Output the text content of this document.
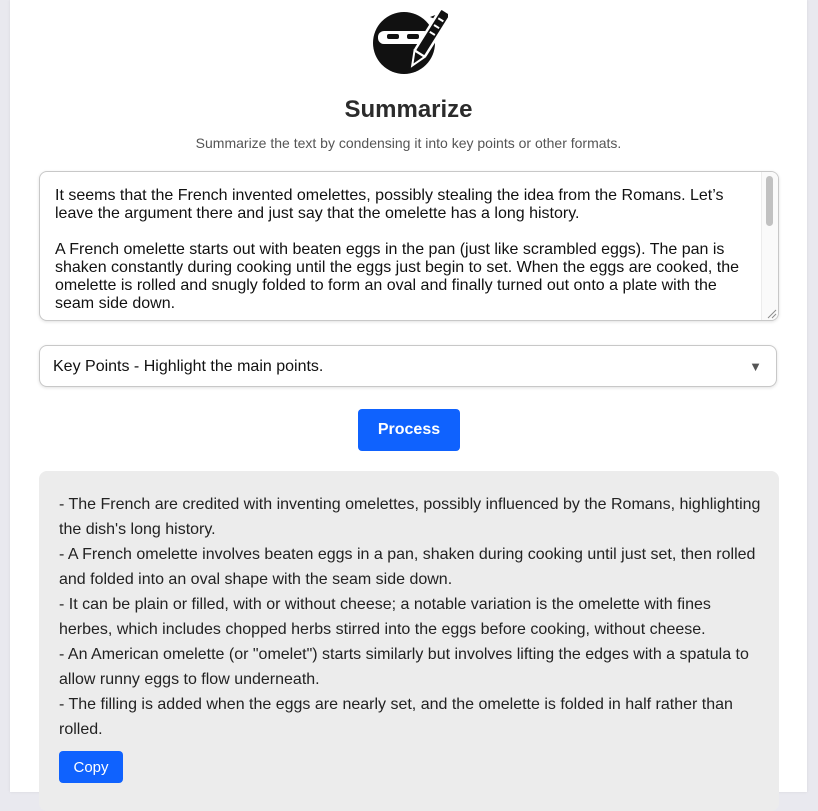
Summarize

Summarize the text by condensing it into key points or other formats.

It seems that the French invented omelettes, possibly stealing the idea from the Romans. Let’s leave the argument there and just say that the omelette has a long history.

A French omelette starts out with beaten eggs in the pan (just like scrambled eggs). The pan is shaken constantly during cooking until the eggs just begin to set. When the eggs are cooked, the omelette is rolled and snugly folded to form an oval and finally turned out onto a plate with the seam side down.
Key Points - Highlight the main points.	▼
Process
- The French are credited with inventing omelettes, possibly influenced by the Romans, highlighting the dish's long history.
- A French omelette involves beaten eggs in a pan, shaken during cooking until just set, then rolled and folded into an oval shape with the seam side down.
- It can be plain or filled, with or without cheese; a notable variation is the omelette with fines herbes, which includes chopped herbs stirred into the eggs before cooking, without cheese.
- An American omelette (or "omelet") starts similarly but involves lifting the edges with a spatula to allow runny eggs to flow underneath.
- The filling is added when the eggs are nearly set, and the omelette is folded in half rather than rolled.
Copy
